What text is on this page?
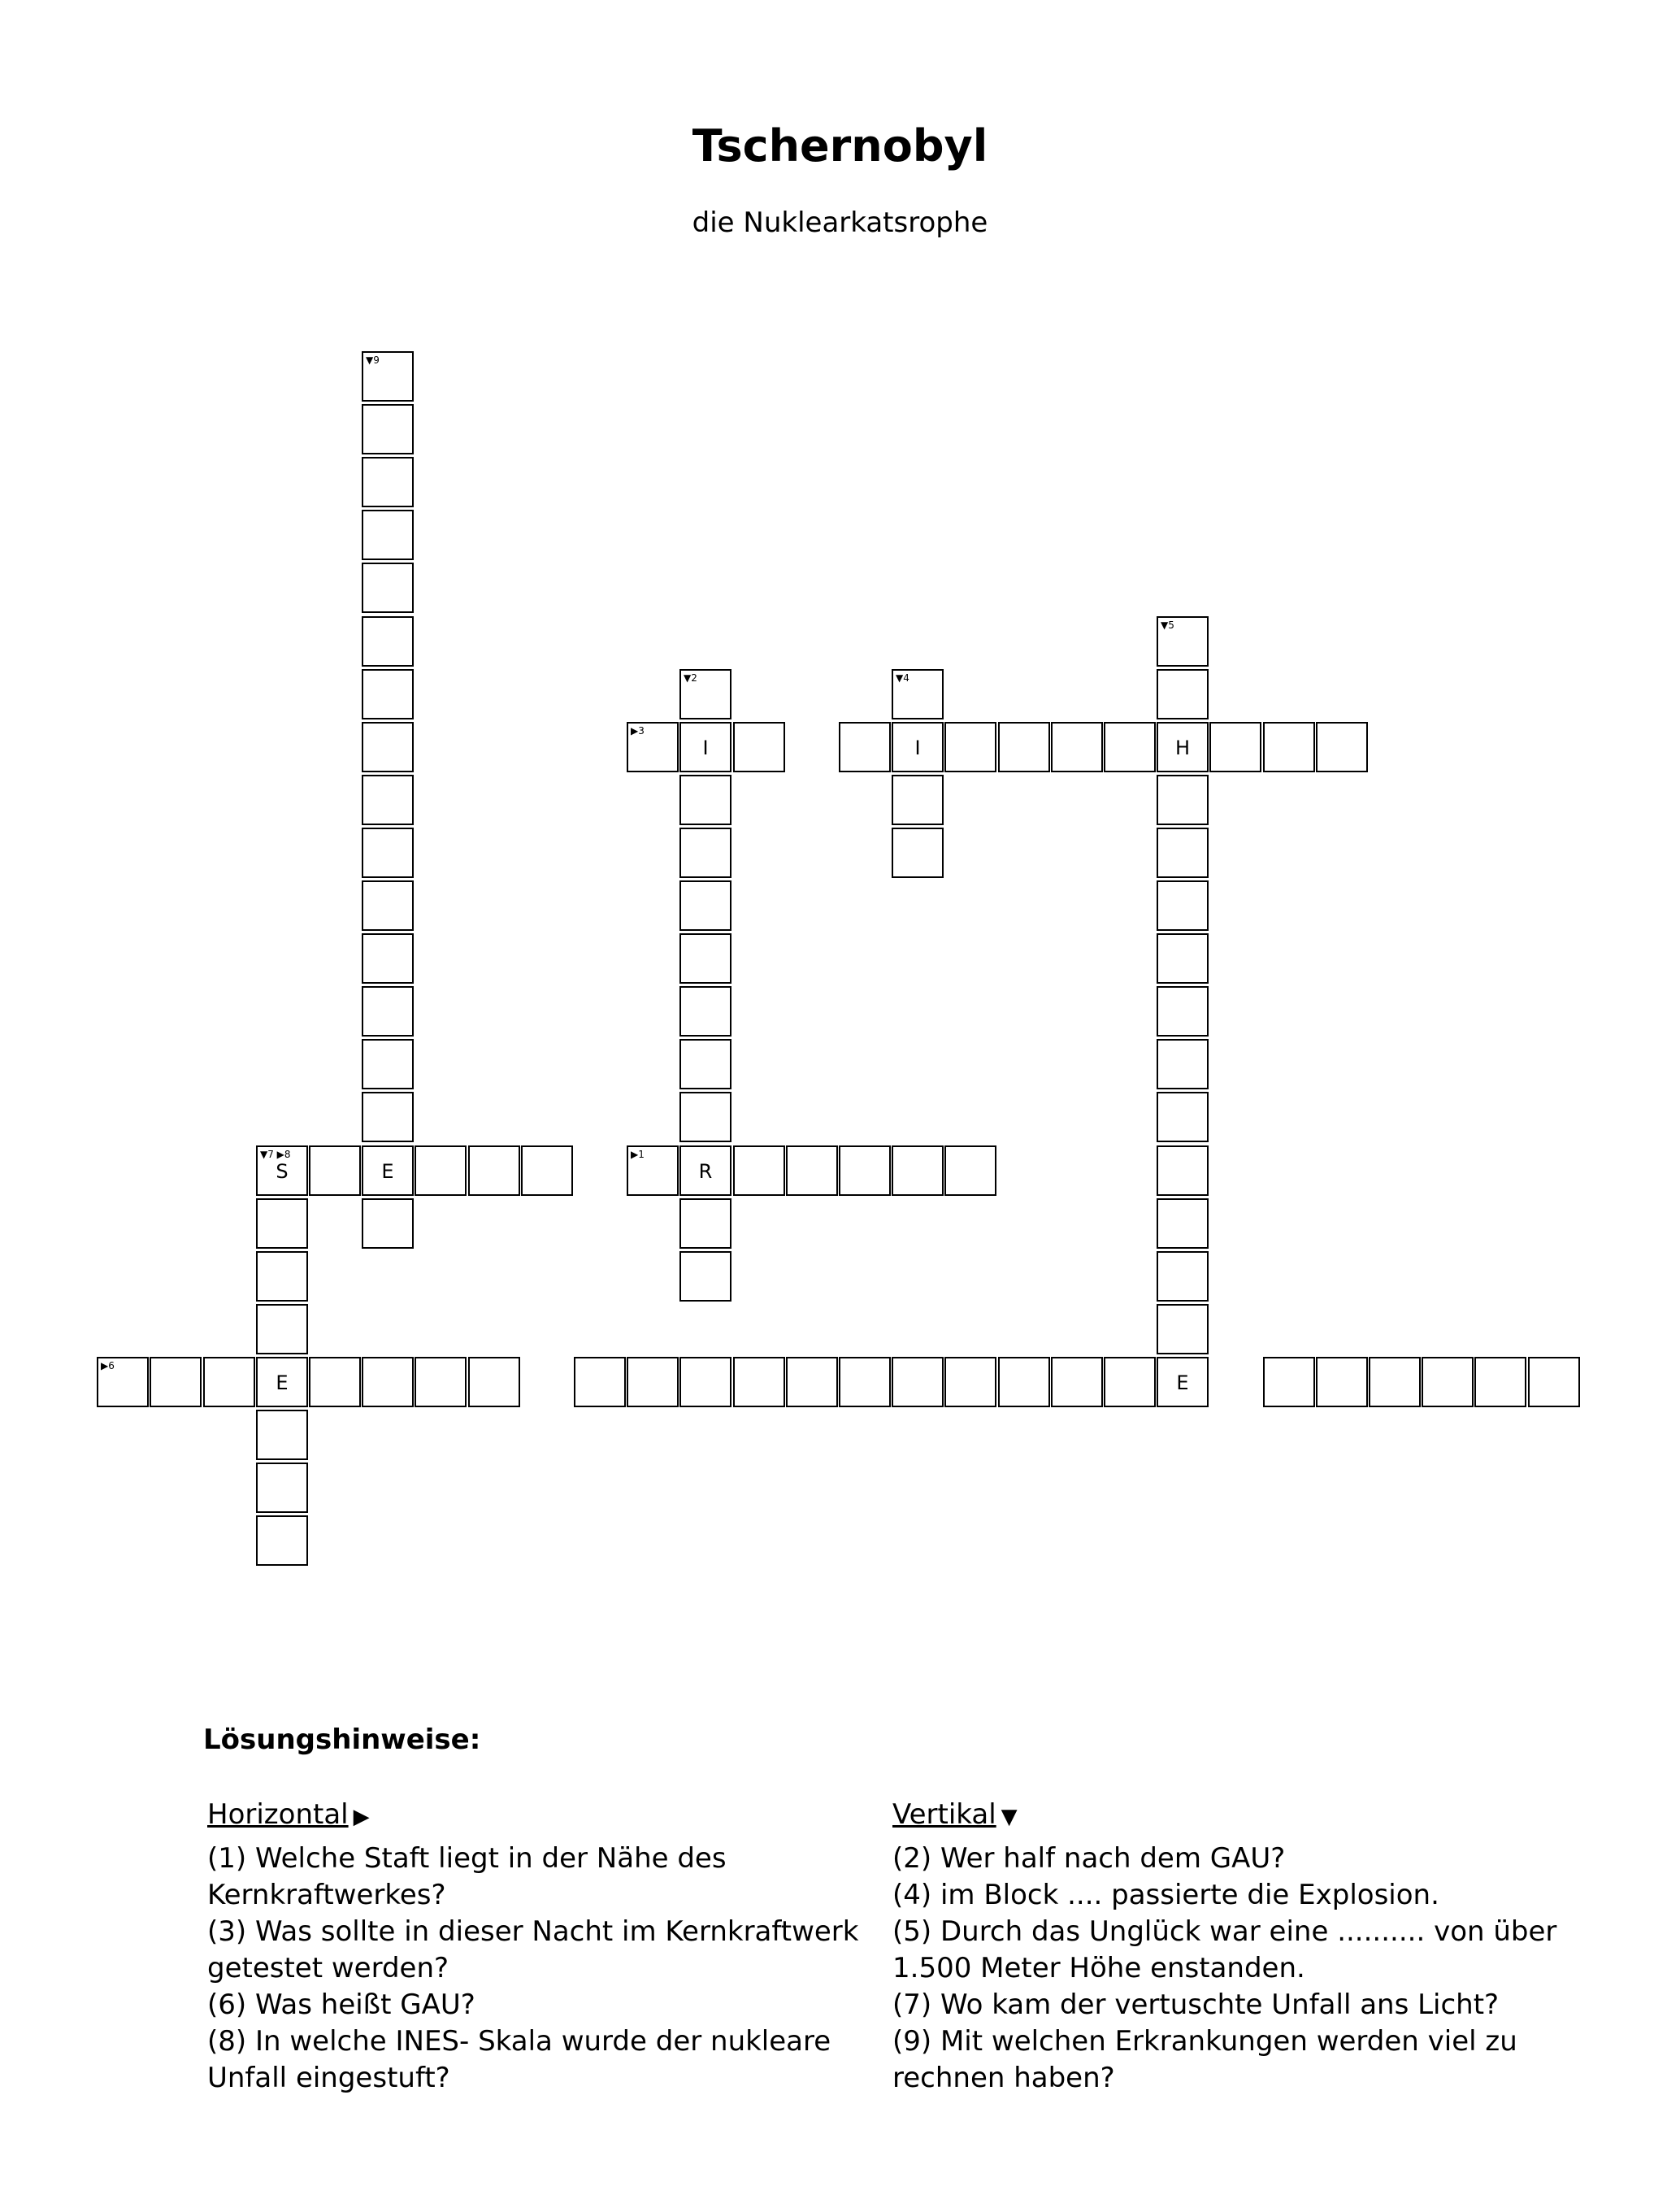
Tschernobyl
die Nuklearkatsrophe
▼9
E
▼5
H
E
▼2
I
R
▼4
I
▶3
▶1
▼7 ▶8
S
E
▶6
Lösungshinweise:
Horizontal ▶

(1) Welche Staft liegt in der Nähe des Kernkraftwerkes?

(3) Was sollte in dieser Nacht im Kernkraftwerk getestet werden?

(6) Was heißt GAU?

(8) In welche INES- Skala wurde der nukleare Unfall eingestuft?

Vertikal ▼

(2) Wer half nach dem GAU?

(4) im Block .... passierte die Explosion.

(5) Durch das Unglück war eine .......... von über 1.500 Meter Höhe enstanden.

(7) Wo kam der vertuschte Unfall ans Licht?

(9) Mit welchen Erkrankungen werden viel zu rechnen haben?
